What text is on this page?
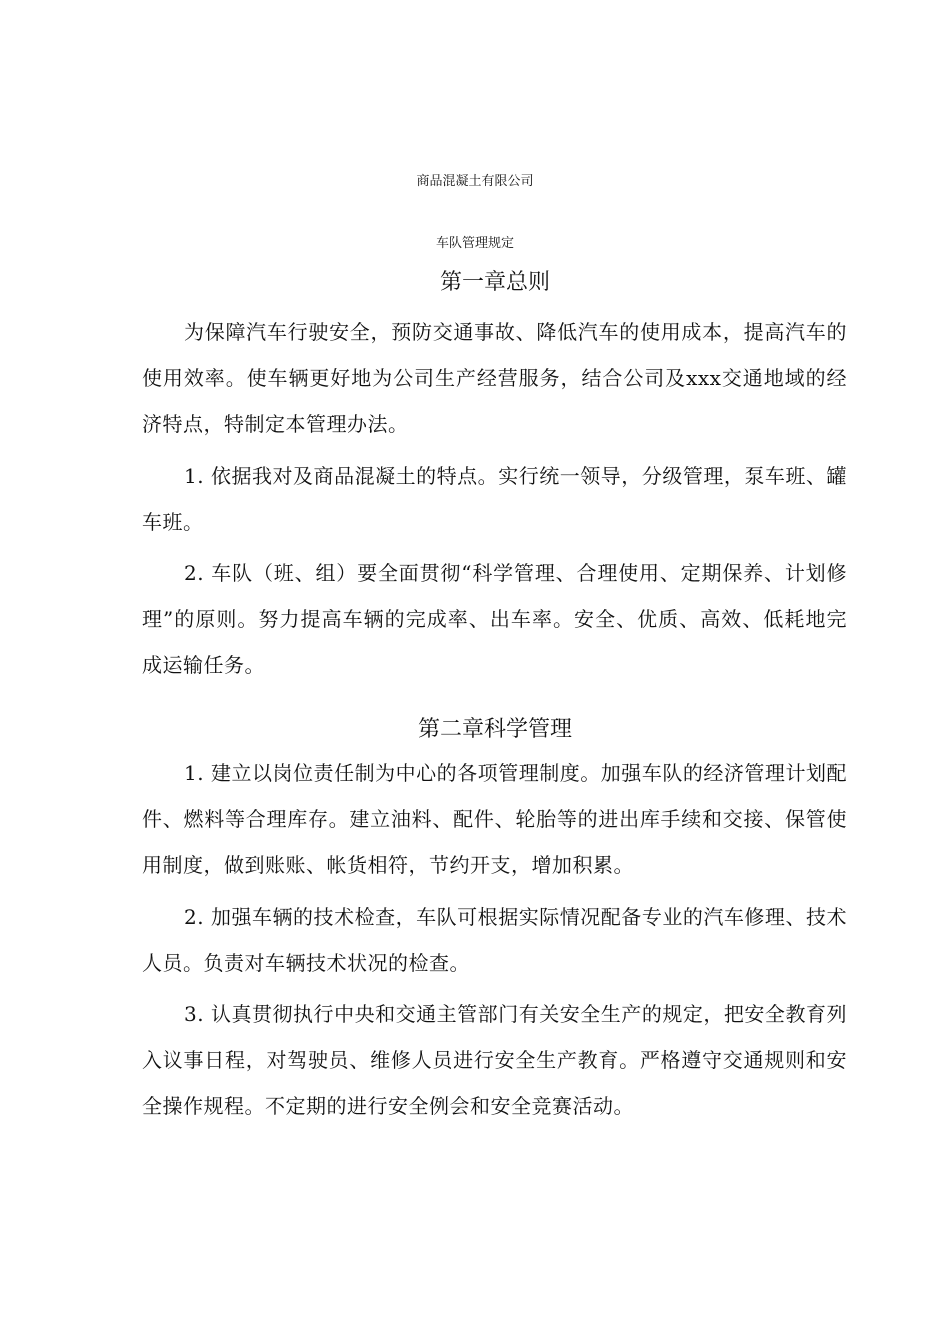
商品混凝土有限公司
车队管理规定
第一章总则

为保障汽车行驶安全，预防交通事故、降低汽车的使用成本，提高汽车的使用效率。使车辆更好地为公司生产经营服务，结合公司及xxx交通地域的经济特点，特制定本管理办法。

1. 依据我对及商品混凝土的特点。实行统一领导，分级管理，泵车班、罐车班。

2. 车队（班、组）要全面贯彻“科学管理、合理使用、定期保养、计划修理”的原则。努力提高车辆的完成率、出车率。安全、优质、高效、低耗地完成运输任务。

第二章科学管理

1. 建立以岗位责任制为中心的各项管理制度。加强车队的经济管理计划配件、燃料等合理库存。建立油料、配件、轮胎等的进出库手续和交接、保管使用制度，做到账账、帐货相符，节约开支，增加积累。

2. 加强车辆的技术检查，车队可根据实际情况配备专业的汽车修理、技术人员。负责对车辆技术状况的检查。

3. 认真贯彻执行中央和交通主管部门有关安全生产的规定，把安全教育列入议事日程，对驾驶员、维修人员进行安全生产教育。严格遵守交通规则和安全操作规程。不定期的进行安全例会和安全竞赛活动。
